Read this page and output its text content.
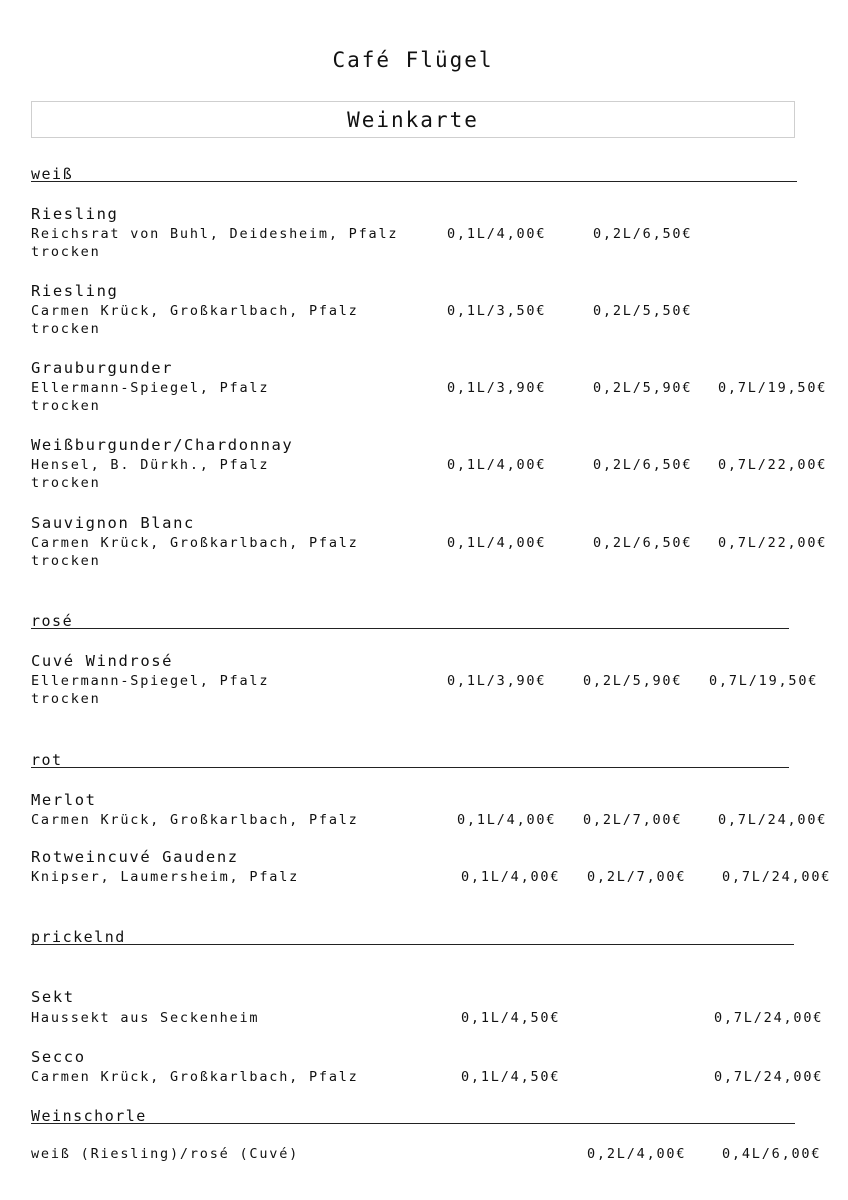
Café Flügel
Weinkarte
weiß
Riesling
Reichsrat von Buhl, Deidesheim, Pfalz
trocken
0,1L/4,00€	0,2L/6,50€
Riesling
Carmen Krück, Großkarlbach, Pfalz
trocken
0,1L/3,50€	0,2L/5,50€
Grauburgunder
Ellermann-Spiegel, Pfalz
trocken
0,1L/3,90€	0,2L/5,90€ 0,7L/19,50€
Weißburgunder/Chardonnay
Hensel, B. Dürkh., Pfalz
trocken
0,1L/4,00€	0,2L/6,50€ 0,7L/22,00€
Sauvignon Blanc
Carmen Krück, Großkarlbach, Pfalz
trocken
0,1L/4,00€	0,2L/6,50€ 0,7L/22,00€
rosé
Cuvé Windrosé
Ellermann-Spiegel, Pfalz
trocken
0,1L/3,90€	0,2L/5,90€ 0,7L/19,50€
rot
Merlot
Carmen Krück, Großkarlbach, Pfalz	0,1L/4,00€ 0,2L/7,00€	0,7L/24,00€
Rotweincuvé Gaudenz
Knipser, Laumersheim, Pfalz	0,1L/4,00€ 0,2L/7,00€	0,7L/24,00€
prickelnd
Sekt
Haussekt aus Seckenheim	0,1L/4,50€	0,7L/24,00€
Secco
Carmen Krück, Großkarlbach, Pfalz	0,1L/4,50€	0,7L/24,00€
Weinschorle
weiß (Riesling)/rosé (Cuvé)	0,2L/4,00€	0,4L/6,00€
